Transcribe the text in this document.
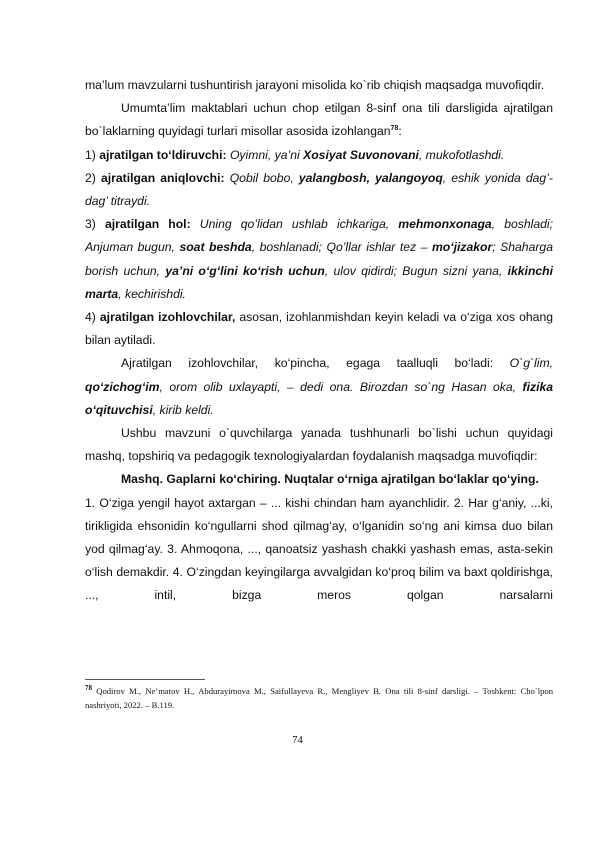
ma’lum mavzularni tushuntirish jarayoni misolida ko`rib chiqish maqsadga muvofiqdir.

Umumta’lim maktablari uchun chop etilgan 8-sinf ona tili darsligida ajratilgan bo`laklarning quyidagi turlari misollar asosida izohlangan$^{78}$:

1) ajratilgan to‘ldiruvchi: Oyimni, ya’ni Xosiyat Suvonovani, mukofotlashdi.

2) ajratilgan aniqlovchi: Qobil bobo, yalangbosh, yalangoyoq, eshik yonida dag’-dag’ titraydi.

3) ajratilgan hol: Uning qo’lidan ushlab ichkariga, mehmonxonaga, boshladi; Anjuman bugun, soat beshda, boshlanadi; Qo’llar ishlar tez – mo‘jizakor; Shaharga borish uchun, ya’ni o‘g‘lini ko‘rish uchun, ulov qidirdi; Bugun sizni yana, ikkinchi marta, kechirishdi.

4) ajratilgan izohlovchilar, asosan, izohlanmishdan keyin keladi va o‘ziga xos ohang bilan aytiladi.

Ajratilgan izohlovchilar, ko‘pincha, egaga taalluqli bo‘ladi: O`g`lim, qo‘zichog‘im, orom olib uxlayapti, – dedi ona. Birozdan so`ng Hasan oka, fizika o‘qituvchisi, kirib keldi.

Ushbu mavzuni o`quvchilarga yanada tushhunarli bo`lishi uchun quyidagi mashq, topshiriq va pedagogik texnologiyalardan foydalanish maqsadga muvofiqdir:

Mashq. Gaplarni ko‘chiring. Nuqtalar o‘rniga ajratilgan bo‘laklar qo‘ying.

1. O‘ziga yengil hayot axtargan – ... kishi chindan ham ayanchlidir. 2. Har g‘aniy, ...ki, tirikligida ehsonidin ko‘ngullarni shod qilmag‘ay, o‘lganidin so‘ng ani kimsa duo bilan yod qilmag‘ay. 3. Ahmoqona, ..., qanoatsiz yashash chakki yashash emas, asta-sekin o‘lish demakdir. 4. O‘zingdan keyingilarga avvalgidan ko‘proq bilim va baxt qoldirishga, ..., intil, bizga meros qolgan narsalarni

$^{78}$ Qodirov M., Ne’matov H., Abdurayimova M., Saifullayeva R., Mengliyev B. Ona tili 8-sinf darsligi. – Toshkent: Cho`lpon nashriyoti, 2022. – B.119.

74
